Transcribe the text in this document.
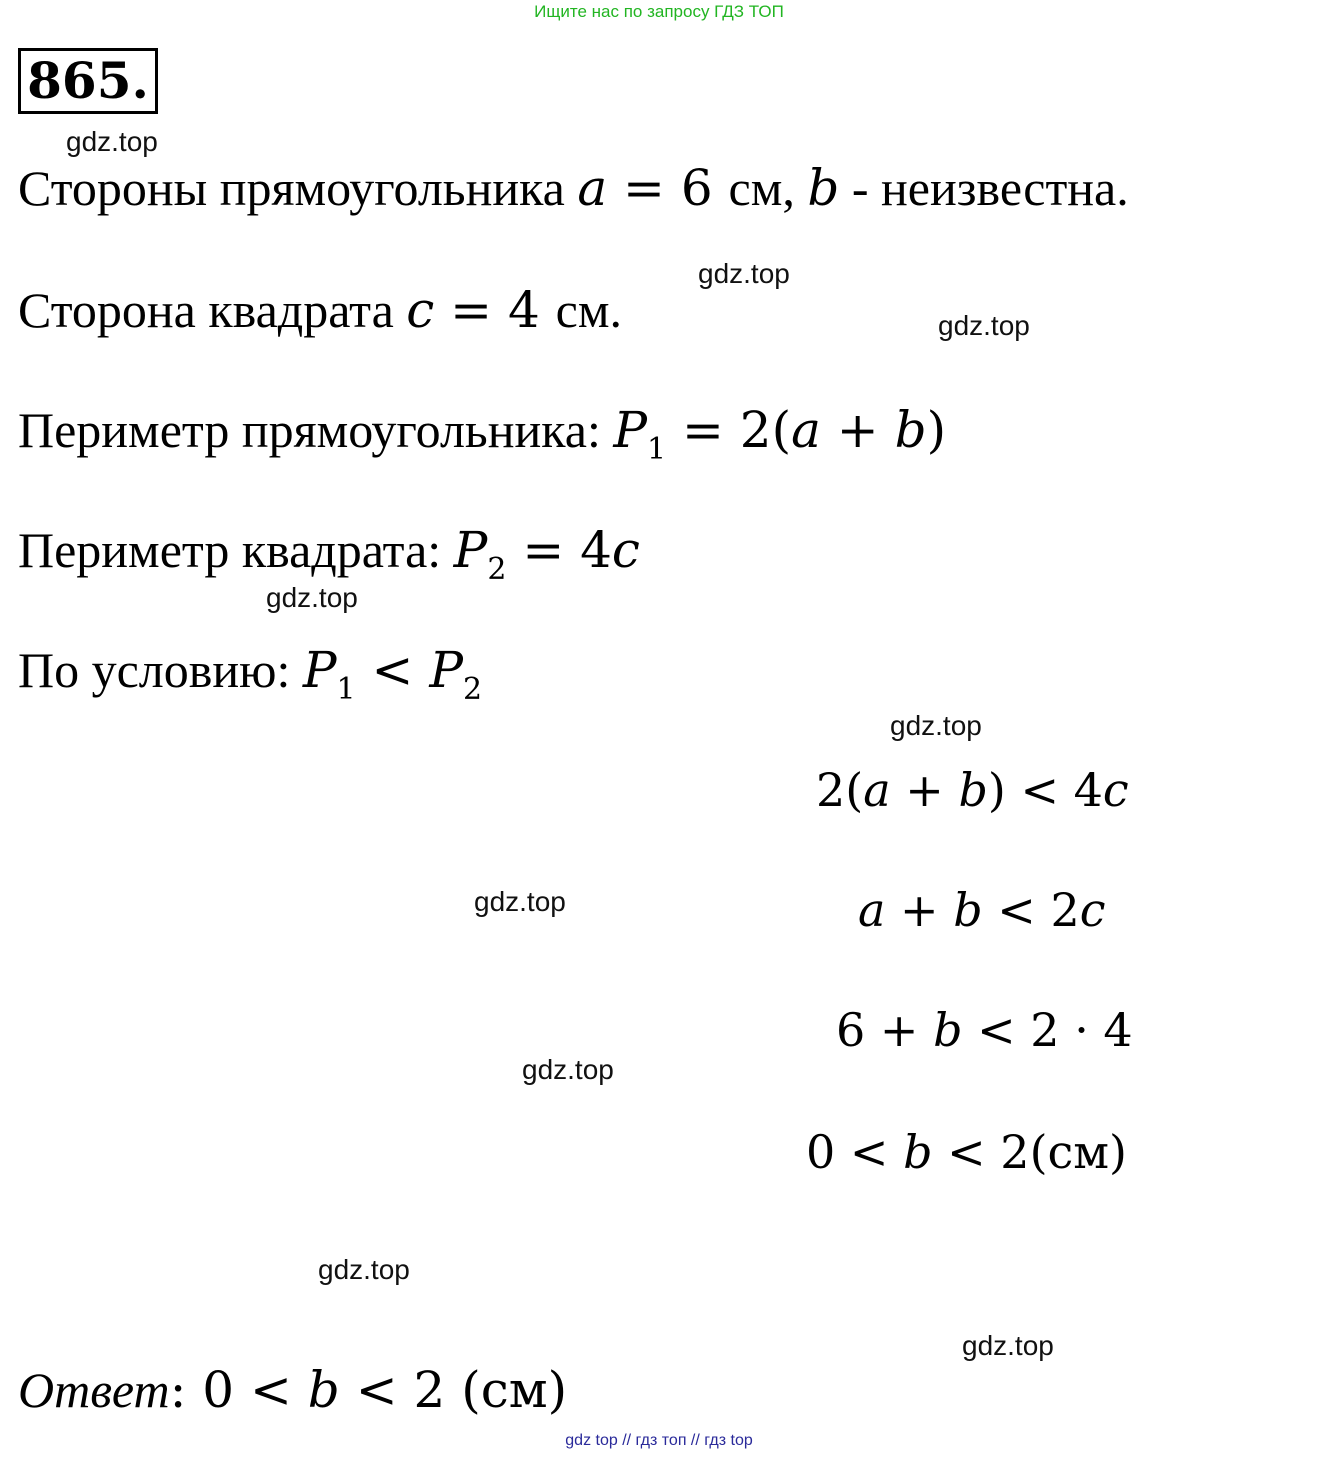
Ищите нас по запросу ГДЗ ТОП
865.
gdz.top
gdz.top
gdz.top
gdz.top
gdz.top
gdz.top
gdz.top
gdz.top
gdz.top
Стороны прямоугольника a = 6 см, b - неизвестна.
Сторона квадрата c = 4 см.
Периметр прямоугольника: $P_1 = 2(a + b)$
Периметр квадрата: $P_2 = 4c$
По условию: $P_1 < P_2$
2(a + b) < 4c
a + b < 2c
6 + b < 2 · 4
0 < b < 2(см)
Ответ: 0 < b < 2 (см)
gdz top // гдз топ // гдз top
